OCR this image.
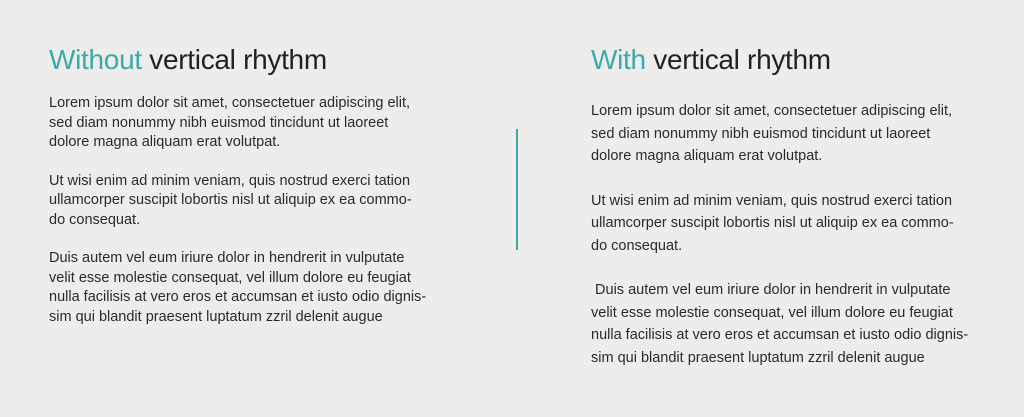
Without vertical rhythm

Lorem ipsum dolor sit amet, consectetuer adipiscing elit,
sed diam nonummy nibh euismod tincidunt ut laoreet
dolore magna aliquam erat volutpat.

Ut wisi enim ad minim veniam, quis nostrud exerci tation
ullamcorper suscipit lobortis nisl ut aliquip ex ea commo-
do consequat.

Duis autem vel eum iriure dolor in hendrerit in vulputate
velit esse molestie consequat, vel illum dolore eu feugiat
nulla facilisis at vero eros et accumsan et iusto odio dignis-
sim qui blandit praesent luptatum zzril delenit augue

With vertical rhythm

Lorem ipsum dolor sit amet, consectetuer adipiscing elit,
sed diam nonummy nibh euismod tincidunt ut laoreet
dolore magna aliquam erat volutpat.

Ut wisi enim ad minim veniam, quis nostrud exerci tation
ullamcorper suscipit lobortis nisl ut aliquip ex ea commo-
do consequat.

Duis autem vel eum iriure dolor in hendrerit in vulputate
velit esse molestie consequat, vel illum dolore eu feugiat
nulla facilisis at vero eros et accumsan et iusto odio dignis-
sim qui blandit praesent luptatum zzril delenit augue
